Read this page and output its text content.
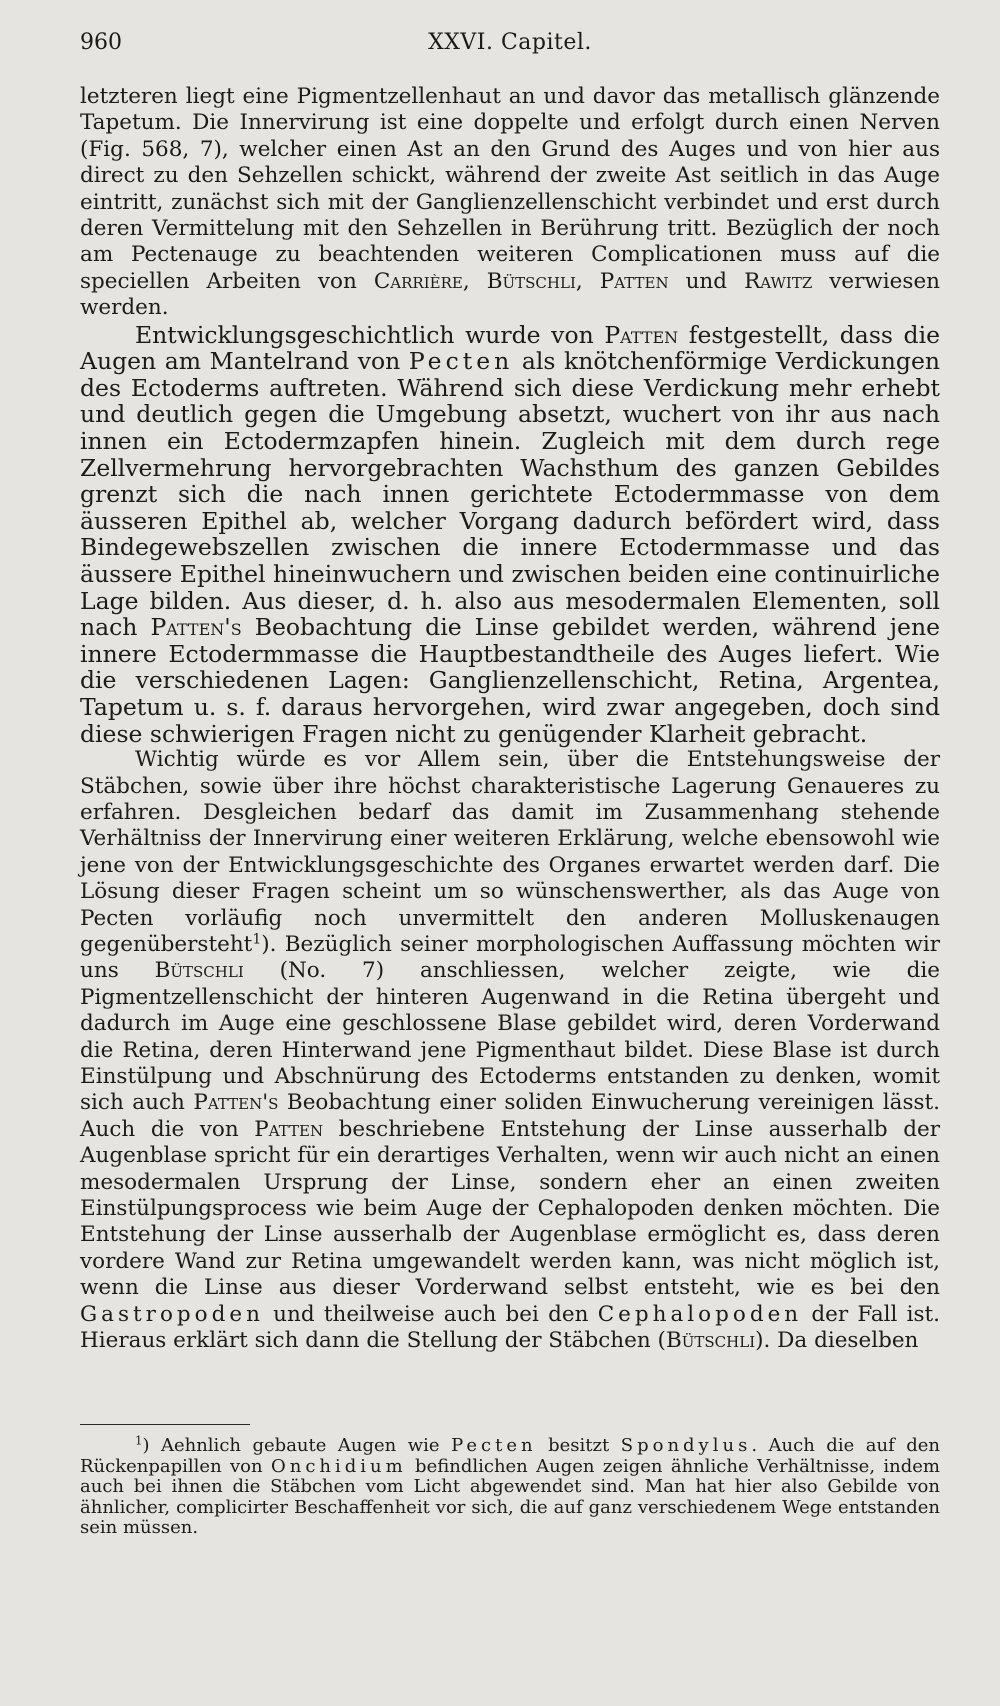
960	XXVI. Capitel.

letzteren liegt eine Pigmentzellenhaut an und davor das metallisch glänzende Tapetum. Die Innervirung ist eine doppelte und erfolgt durch einen Nerven (Fig. 568, 7), welcher einen Ast an den Grund des Auges und von hier aus direct zu den Sehzellen schickt, während der zweite Ast seitlich in das Auge eintritt, zunächst sich mit der Ganglienzellenschicht verbindet und erst durch deren Vermittelung mit den Sehzellen in Berührung tritt. Bezüglich der noch am Pectenauge zu beachtenden weiteren Complicationen muss auf die speciellen Arbeiten von Carrière, Bütschli, Patten und Rawitz verwiesen werden.

Entwicklungsgeschichtlich wurde von Patten festgestellt, dass die Augen am Mantelrand von Pecten als knötchenförmige Verdickungen des Ectoderms auftreten. Während sich diese Verdickung mehr erhebt und deutlich gegen die Umgebung absetzt, wuchert von ihr aus nach innen ein Ectodermzapfen hinein. Zugleich mit dem durch rege Zellvermehrung hervorgebrachten Wachsthum des ganzen Gebildes grenzt sich die nach innen gerichtete Ectodermmasse von dem äusseren Epithel ab, welcher Vorgang dadurch befördert wird, dass Bindegewebszellen zwischen die innere Ectodermmasse und das äussere Epithel hineinwuchern und zwischen beiden eine continuirliche Lage bilden. Aus dieser, d. h. also aus mesodermalen Elementen, soll nach Patten's Beobachtung die Linse gebildet werden, während jene innere Ectodermmasse die Hauptbestandtheile des Auges liefert. Wie die verschiedenen Lagen: Ganglienzellenschicht, Retina, Argentea, Tapetum u. s. f. daraus hervorgehen, wird zwar angegeben, doch sind diese schwierigen Fragen nicht zu genügender Klarheit gebracht.

Wichtig würde es vor Allem sein, über die Entstehungsweise der Stäbchen, sowie über ihre höchst charakteristische Lagerung Genaueres zu erfahren. Desgleichen bedarf das damit im Zusammenhang stehende Verhältniss der Innervirung einer weiteren Erklärung, welche ebensowohl wie jene von der Entwicklungsgeschichte des Organes erwartet werden darf. Die Lösung dieser Fragen scheint um so wünschenswerther, als das Auge von Pecten vorläufig noch unvermittelt den anderen Molluskenaugen gegenübersteht$^1$). Bezüglich seiner morphologischen Auffassung möchten wir uns Bütschli (No. 7) anschliessen, welcher zeigte, wie die Pigmentzellenschicht der hinteren Augenwand in die Retina übergeht und dadurch im Auge eine geschlossene Blase gebildet wird, deren Vorderwand die Retina, deren Hinterwand jene Pigmenthaut bildet. Diese Blase ist durch Einstülpung und Abschnürung des Ectoderms entstanden zu denken, womit sich auch Patten's Beobachtung einer soliden Einwucherung vereinigen lässt. Auch die von Patten beschriebene Entstehung der Linse ausserhalb der Augenblase spricht für ein derartiges Verhalten, wenn wir auch nicht an einen mesodermalen Ursprung der Linse, sondern eher an einen zweiten Einstülpungsprocess wie beim Auge der Cephalopoden denken möchten. Die Entstehung der Linse ausserhalb der Augenblase ermöglicht es, dass deren vordere Wand zur Retina umgewandelt werden kann, was nicht möglich ist, wenn die Linse aus dieser Vorderwand selbst entsteht, wie es bei den Gastropoden und theilweise auch bei den Cephalopoden der Fall ist. Hieraus erklärt sich dann die Stellung der Stäbchen (Bütschli). Da dieselben

$^1$) Aehnlich gebaute Augen wie Pecten besitzt Spondylus. Auch die auf den Rückenpapillen von Onchidium befindlichen Augen zeigen ähnliche Verhältnisse, indem auch bei ihnen die Stäbchen vom Licht abgewendet sind. Man hat hier also Gebilde von ähnlicher, complicirter Beschaffenheit vor sich, die auf ganz verschiedenem Wege entstanden sein müssen.
